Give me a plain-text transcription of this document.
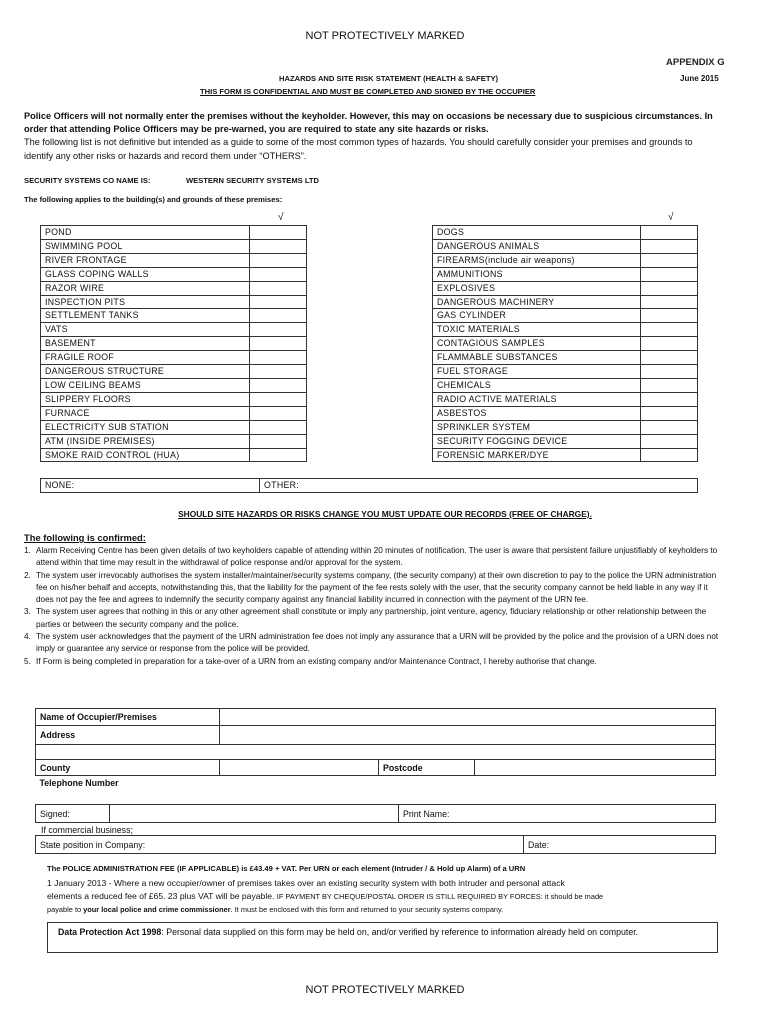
NOT PROTECTIVELY MARKED
APPENDIX G
June 2015
HAZARDS AND SITE RISK STATEMENT (HEALTH & SAFETY)
THIS FORM IS CONFIDENTIAL AND MUST BE COMPLETED AND SIGNED BY THE OCCUPIER
Police Officers will not normally enter the premises without the keyholder. However, this may on occasions be necessary due to suspicious circumstances. In order that attending Police Officers may be pre-warned, you are required to state any site hazards or risks.
The following list is not definitive but intended as a guide to some of the most common types of hazards. You should carefully consider your premises and grounds to identify any other risks or hazards and record them under “OTHERS”.
SECURITY SYSTEMS CO NAME IS:	WESTERN SECURITY SYSTEMS LTD
The following applies to the building(s) and grounds of these premises:
√	√
POND	
SWIMMING POOL	
RIVER FRONTAGE	
GLASS COPING WALLS	
RAZOR WIRE	
INSPECTION PITS	
SETTLEMENT TANKS	
VATS	
BASEMENT	
FRAGILE ROOF	
DANGEROUS STRUCTURE	
LOW CEILING BEAMS	
SLIPPERY FLOORS	
FURNACE	
ELECTRICITY SUB STATION	
ATM (INSIDE PREMISES)	
SMOKE RAID CONTROL (HUA)	
DOGS	
DANGEROUS ANIMALS	
FIREARMS(include air weapons)	
AMMUNITIONS	
EXPLOSIVES	
DANGEROUS MACHINERY	
GAS CYLINDER	
TOXIC MATERIALS	
CONTAGIOUS SAMPLES	
FLAMMABLE SUBSTANCES	
FUEL STORAGE	
CHEMICALS	
RADIO ACTIVE MATERIALS	
ASBESTOS	
SPRINKLER SYSTEM	
SECURITY FOGGING DEVICE	
FORENSIC MARKER/DYE	
NONE:	OTHER:
SHOULD SITE HAZARDS OR RISKS CHANGE YOU MUST UPDATE OUR RECORDS (FREE OF CHARGE).
The following is confirmed:

1. Alarm Receiving Centre has been given details of two keyholders capable of attending within 20 minutes of notification. The user is aware that persistent failure unjustifiably of keyholders to attend within that time may result in the withdrawal of police response and/or approval for the system.

2. The system user irrevocably authorises the system installer/maintainer/security systems company, (the security company) at their own discretion to pay to the police the URN administration fee on his/her behalf and accepts, notwithstanding this, that the liability for the payment of the fee rests solely with the user, that the security company cannot be held liable in any way if it does not pay the fee and agrees to indemnify the security company against any financial liability incurred in connection with the payment of the URN fee.

3. The system user agrees that nothing in this or any other agreement shall constitute or imply any partnership, joint venture, agency, fiduciary relationship or other relationship between the parties or between the security company and the police.

4. The system user acknowledges that the payment of the URN administration fee does not imply any assurance that a URN will be provided by the police and the provision of a URN does not imply or guarantee any service or response from the police will be provided.

5. If Form is being completed in preparation for a take-over of a URN from an existing company and/or Maintenance Contract, I hereby authorise that change.

Name of Occupier/Premises			
Address			

County		Postcode	
Telephone Number			
Signed:		Print Name:
If commercial business;
State position in Company:	Date:
The POLICE ADMINISTRATION FEE (IF APPLICABLE) is £43.49 + VAT. Per URN or each element (Intruder / & Hold up Alarm) of a URN
1 January 2013 - Where a new occupier/owner of premises takes over an existing security system with both intruder and personal attack
elements a reduced fee of £65. 23 plus VAT will be payable. IF PAYMENT BY CHEQUE/POSTAL ORDER IS STILL REQUIRED BY FORCES: it should be made
payable to your local police and crime commissioner. It must be enclosed with this form and returned to your security systems company.
Data Protection Act 1998: Personal data supplied on this form may be held on, and/or verified by reference to information already held on computer.
NOT PROTECTIVELY MARKED
